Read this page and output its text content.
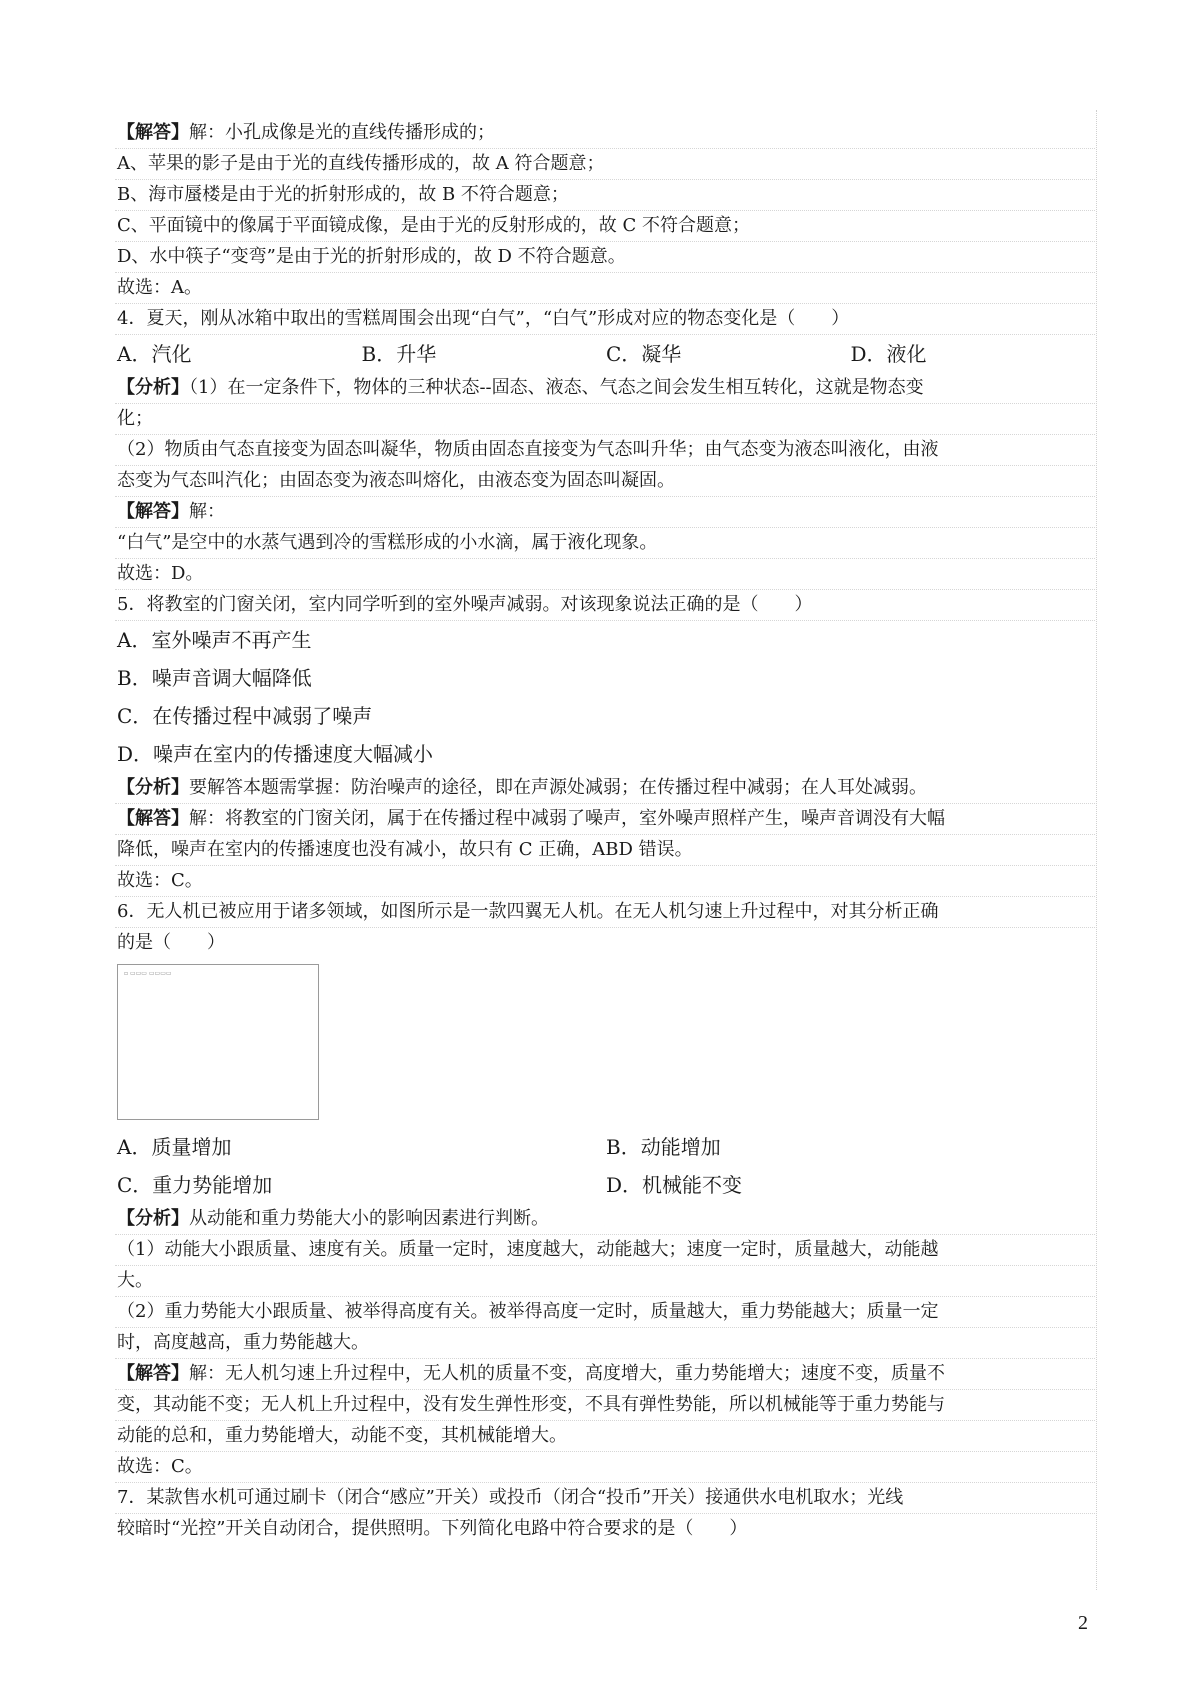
【解答】解：小孔成像是光的直线传播形成的；
A、苹果的影子是由于光的直线传播形成的，故 A 符合题意；
B、海市蜃楼是由于光的折射形成的，故 B 不符合题意；
C、平面镜中的像属于平面镜成像，是由于光的反射形成的，故 C 不符合题意；
D、水中筷子“变弯”是由于光的折射形成的，故 D 不符合题意。
故选：A。
4．夏天，刚从冰箱中取出的雪糕周围会出现“白气”，“白气”形成对应的物态变化是（　　）
A．汽化	B．升华	C．凝华	D．液化
【分析】（1）在一定条件下，物体的三种状态--固态、液态、气态之间会发生相互转化，这就是物态变
化；
（2）物质由气态直接变为固态叫凝华，物质由固态直接变为气态叫升华；由气态变为液态叫液化，由液
态变为气态叫汽化；由固态变为液态叫熔化，由液态变为固态叫凝固。
【解答】解：
“白气”是空中的水蒸气遇到冷的雪糕形成的小水滴，属于液化现象。
故选：D。
5．将教室的门窗关闭，室内同学听到的室外噪声减弱。对该现象说法正确的是（　　）
A．室外噪声不再产生
B．噪声音调大幅降低
C．在传播过程中减弱了噪声
D．噪声在室内的传播速度大幅减小
【分析】要解答本题需掌握：防治噪声的途径，即在声源处减弱；在传播过程中减弱；在人耳处减弱。
【解答】解：将教室的门窗关闭，属于在传播过程中减弱了噪声，室外噪声照样产生，噪声音调没有大幅
降低，噪声在室内的传播速度也没有减小，故只有 C 正确，ABD 错误。
故选：C。
6．无人机已被应用于诸多领域，如图所示是一款四翼无人机。在无人机匀速上升过程中，对其分析正确
的是（　　）
▫ ▭▭▭ ▭▭▭▭
A．质量增加	B．动能增加
C．重力势能增加	D．机械能不变
【分析】从动能和重力势能大小的影响因素进行判断。
（1）动能大小跟质量、速度有关。质量一定时，速度越大，动能越大；速度一定时，质量越大，动能越
大。
（2）重力势能大小跟质量、被举得高度有关。被举得高度一定时，质量越大，重力势能越大；质量一定
时，高度越高，重力势能越大。
【解答】解：无人机匀速上升过程中，无人机的质量不变，高度增大，重力势能增大；速度不变，质量不
变，其动能不变；无人机上升过程中，没有发生弹性形变，不具有弹性势能，所以机械能等于重力势能与
动能的总和，重力势能增大，动能不变，其机械能增大。
故选：C。
7．某款售水机可通过刷卡（闭合“感应”开关）或投币（闭合“投币”开关）接通供水电机取水；光线
较暗时“光控”开关自动闭合，提供照明。下列简化电路中符合要求的是（　　）
2
